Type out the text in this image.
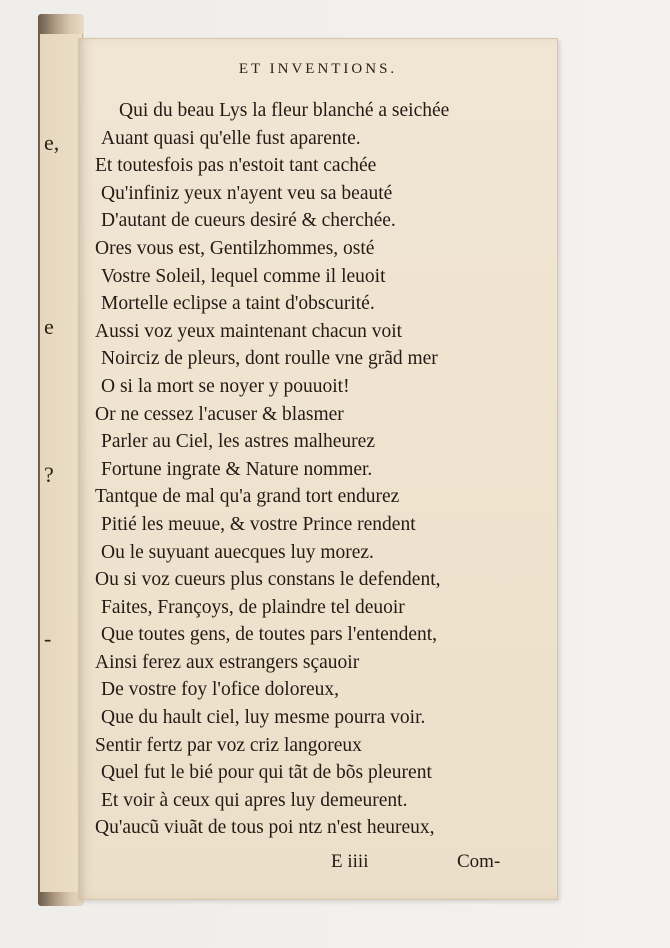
e,
e
?
-
ET INVENTIONS.
Qui du beau Lys la fleur blanché a seichée
Auant quasi qu'elle fust aparente.
Et toutesfois pas n'estoit tant cachée
Qu'infiniz yeux n'ayent veu sa beauté
D'autant de cueurs desiré & cherchée.
Ores vous est, Gentilzhommes, osté
Vostre Soleil, lequel comme il leuoit
Mortelle eclipse a taint d'obscurité.
Aussi voz yeux maintenant chacun voit
Noirciz de pleurs, dont roulle vne grãd mer
O si la mort se noyer y pouuoit!
Or ne cessez l'acuser & blasmer
Parler au Ciel, les astres malheurez
Fortune ingrate & Nature nommer.
Tantque de mal qu'a grand tort endurez
Pitié les meuue, & vostre Prince rendent
Ou le suyuant auecques luy morez.
Ou si voz cueurs plus constans le defendent,
Faites, Françoys, de plaindre tel deuoir
Que toutes gens, de toutes pars l'entendent,
Ainsi ferez aux estrangers sçauoir
De vostre foy l'ofice doloreux,
Que du hault ciel, luy mesme pourra voir.
Sentir fertz par voz criz langoreux
Quel fut le bié pour qui tãt de bõs pleurent
Et voir à ceux qui apres luy demeurent.
Qu'aucũ viuãt de tous poi ntz n'est heureux,
E iiii	Com-
